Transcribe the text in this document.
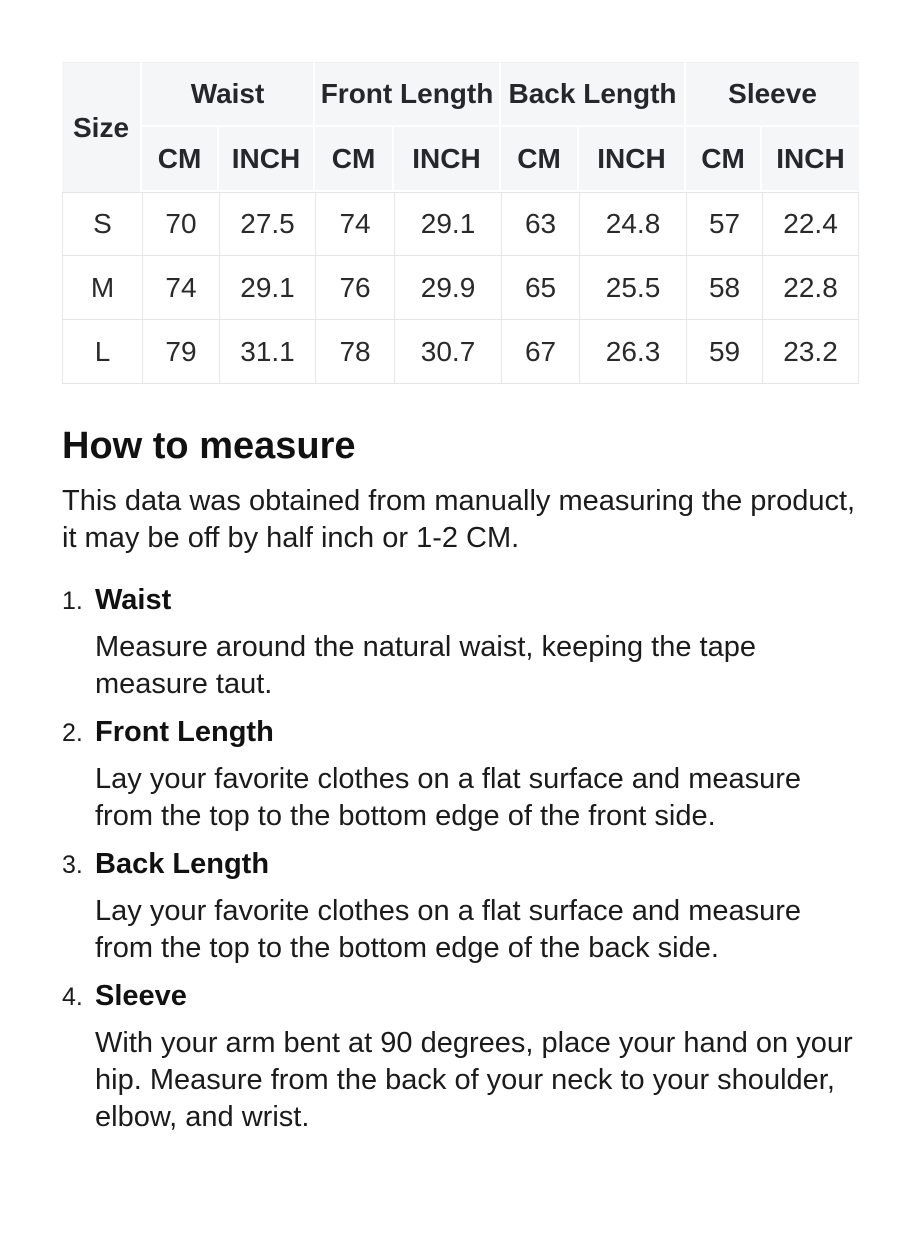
Size	Waist		Front Length		Back Length		Sleeve	
	CM	INCH	CM	INCH	CM	INCH	CM	INCH
S	70	27.5	74	29.1	63	24.8	57	22.4
M	74	29.1	76	29.9	65	25.5	58	22.8
L	79	31.1	78	30.7	67	26.3	59	23.2
How to measure

This data was obtained from manually measuring the product, it may be off by half inch or 1-2 CM.

1. Waist
Measure around the natural waist, keeping the tape measure taut.
2. Front Length
Lay your favorite clothes on a flat surface and measure from the top to the bottom edge of the front side.
3. Back Length
Lay your favorite clothes on a flat surface and measure from the top to the bottom edge of the back side.
4. Sleeve
With your arm bent at 90 degrees, place your hand on your hip. Measure from the back of your neck to your shoulder, elbow, and wrist.
